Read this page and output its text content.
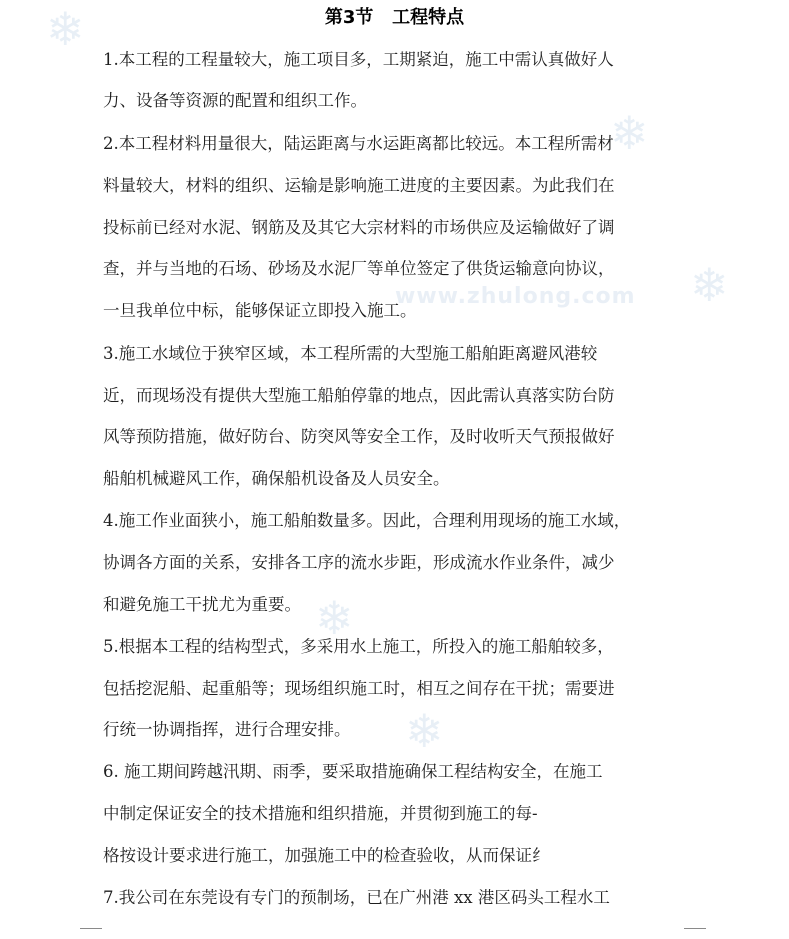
❄
❄
❄
❄
❄
www.zhulong.com
第3节 工程特点
1.本工程的工程量较大，施工项目多，工期紧迫，施工中需认真做好人
力、设备等资源的配置和组织工作。
2.本工程材料用量很大，陆运距离与水运距离都比较远。本工程所需材
料量较大，材料的组织、运输是影响施工进度的主要因素。为此我们在
投标前已经对水泥、钢筋及及其它大宗材料的市场供应及运输做好了调
查，并与当地的石场、砂场及水泥厂等单位签定了供货运输意向协议，
一旦我单位中标，能够保证立即投入施工。
3.施工水域位于狭窄区域，本工程所需的大型施工船舶距离避风港较
近，而现场没有提供大型施工船舶停靠的地点，因此需认真落实防台防
风等预防措施，做好防台、防突风等安全工作，及时收听天气预报做好
船舶机械避风工作，确保船机设备及人员安全。
4.施工作业面狭小，施工船舶数量多。因此，合理利用现场的施工水域，
协调各方面的关系，安排各工序的流水步距，形成流水作业条件，减少
和避免施工干扰尤为重要。
5.根据本工程的结构型式，多采用水上施工，所投入的施工船舶较多，
包括挖泥船、起重船等；现场组织施工时，相互之间存在干扰；需要进
行统一协调指挥，进行合理安排。
6. 施工期间跨越汛期、雨季，要采取措施确保工程结构安全，在施工
中制定保证安全的技术措施和组织措施，并贯彻到施工的每-
格按设计要求进行施工，加强施工中的检查验收，从而保证纟
7.我公司在东莞设有专门的预制场，已在广州港 xx 港区码头工程水工
